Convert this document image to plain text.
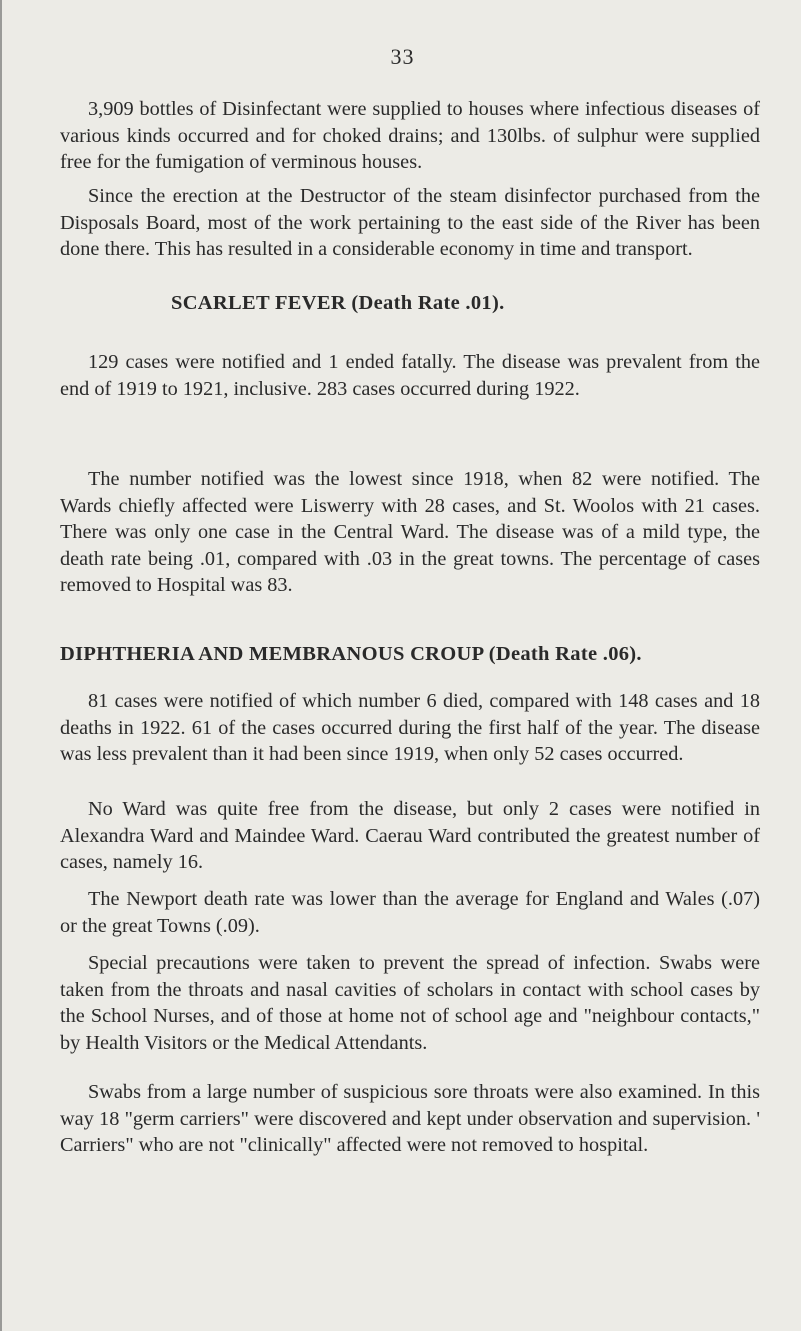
33

3,909 bottles of Disinfectant were supplied to houses where infectious diseases of various kinds occurred and for choked drains; and 130lbs. of sulphur were supplied free for the fumigation of verminous houses.

Since the erection at the Destructor of the steam disinfector purchased from the Disposals Board, most of the work pertaining to the east side of the River has been done there. This has resulted in a considerable economy in time and transport.

SCARLET FEVER (Death Rate .01).

129 cases were notified and 1 ended fatally. The disease was prevalent from the end of 1919 to 1921, inclusive. 283 cases occurred during 1922.

The number notified was the lowest since 1918, when 82 were notified. The Wards chiefly affected were Liswerry with 28 cases, and St. Woolos with 21 cases. There was only one case in the Central Ward. The disease was of a mild type, the death rate being .01, compared with .03 in the great towns. The percentage of cases removed to Hospital was 83.

DIPHTHERIA AND MEMBRANOUS CROUP (Death Rate .06).

81 cases were notified of which number 6 died, compared with 148 cases and 18 deaths in 1922. 61 of the cases occurred during the first half of the year. The disease was less prevalent than it had been since 1919, when only 52 cases occurred.

No Ward was quite free from the disease, but only 2 cases were notified in Alexandra Ward and Maindee Ward. Caerau Ward contributed the greatest number of cases, namely 16.

The Newport death rate was lower than the average for England and Wales (.07) or the great Towns (.09).

Special precautions were taken to prevent the spread of infection. Swabs were taken from the throats and nasal cavities of scholars in contact with school cases by the School Nurses, and of those at home not of school age and "neighbour contacts," by Health Visitors or the Medical Attendants.

Swabs from a large number of suspicious sore throats were also examined. In this way 18 "germ carriers" were discovered and kept under observation and supervision. ' Carriers" who are not "clinically" affected were not removed to hospital.
